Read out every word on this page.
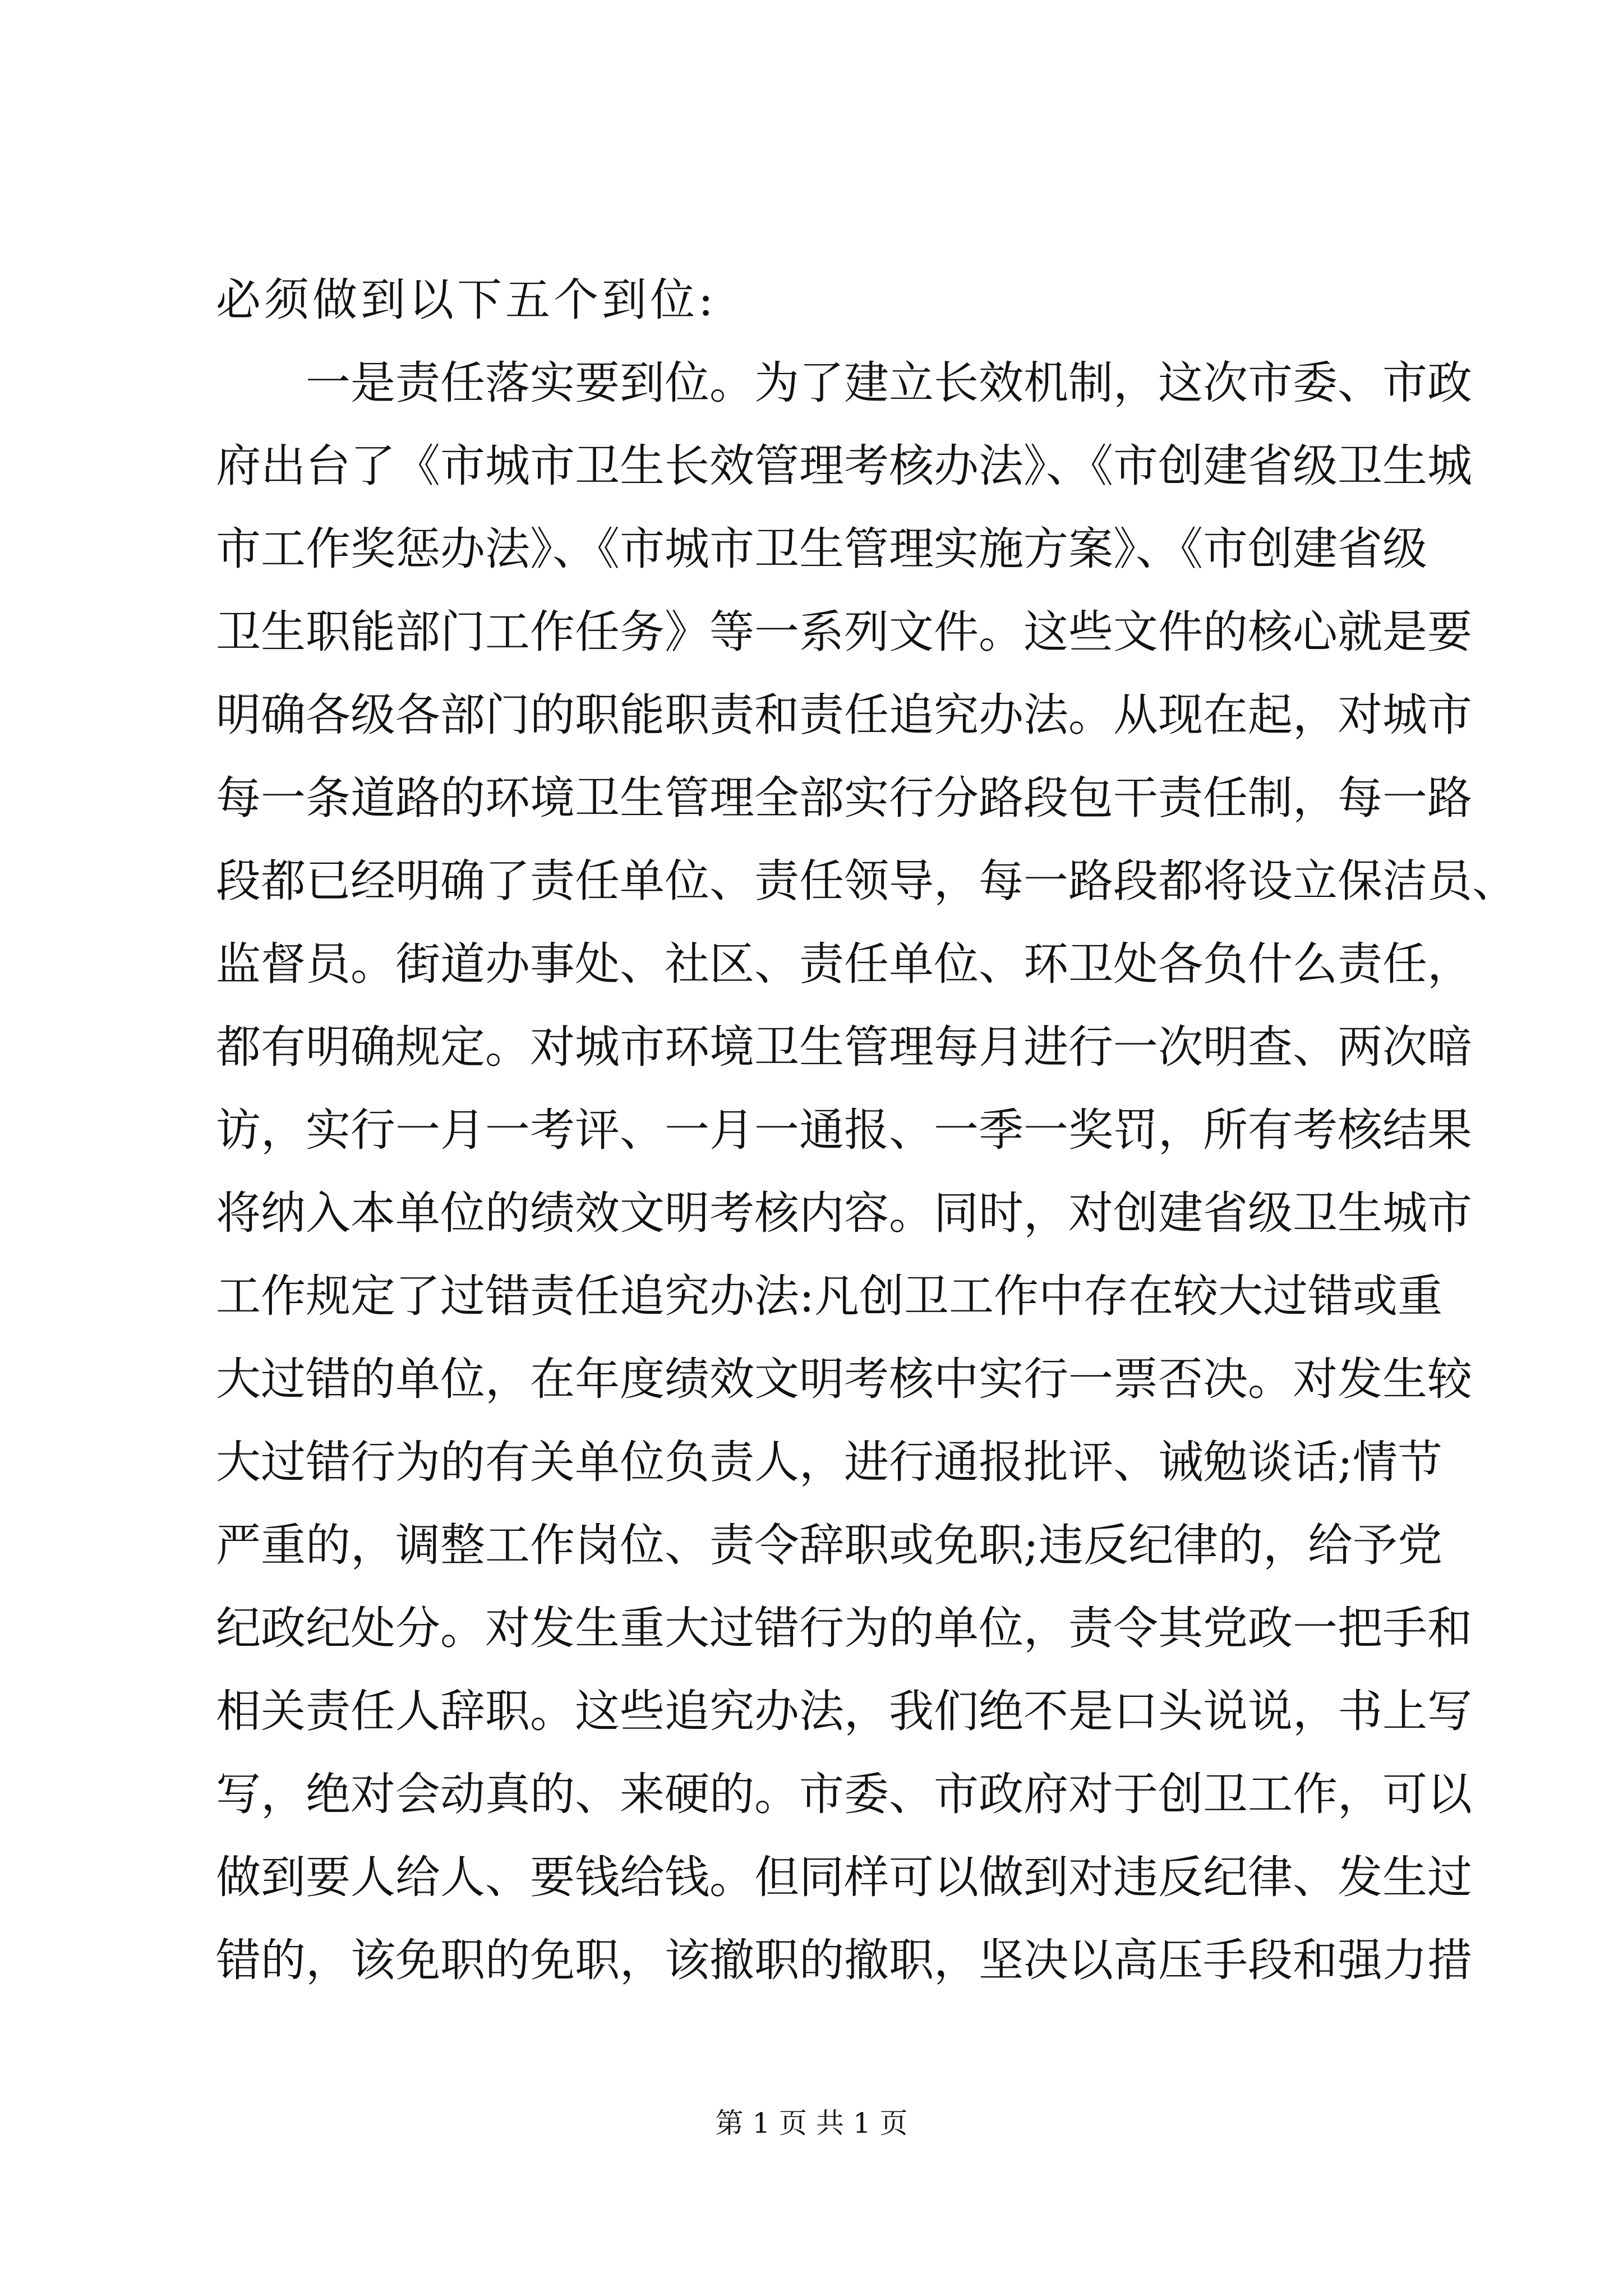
必须做到以下五个到位:
一是责任落实要到位。为了建立长效机制，这次市委、市政
府出台了《市城市卫生长效管理考核办法》、《市创建省级卫生城
市工作奖惩办法》、《市城市卫生管理实施方案》、《市创建省级
卫生职能部门工作任务》等一系列文件。这些文件的核心就是要
明确各级各部门的职能职责和责任追究办法。从现在起，对城市
每一条道路的环境卫生管理全部实行分路段包干责任制，每一路
段都已经明确了责任单位、责任领导，每一路段都将设立保洁员、
监督员。街道办事处、社区、责任单位、环卫处各负什么责任，
都有明确规定。对城市环境卫生管理每月进行一次明查、两次暗
访，实行一月一考评、一月一通报、一季一奖罚，所有考核结果
将纳入本单位的绩效文明考核内容。同时，对创建省级卫生城市
工作规定了过错责任追究办法:凡创卫工作中存在较大过错或重
大过错的单位，在年度绩效文明考核中实行一票否决。对发生较
大过错行为的有关单位负责人，进行通报批评、诫勉谈话;情节
严重的，调整工作岗位、责令辞职或免职;违反纪律的，给予党
纪政纪处分。对发生重大过错行为的单位，责令其党政一把手和
相关责任人辞职。这些追究办法，我们绝不是口头说说，书上写
写，绝对会动真的、来硬的。市委、市政府对于创卫工作，可以
做到要人给人、要钱给钱。但同样可以做到对违反纪律、发生过
错的，该免职的免职，该撤职的撤职，坚决以高压手段和强力措
第 1 页 共 1 页
